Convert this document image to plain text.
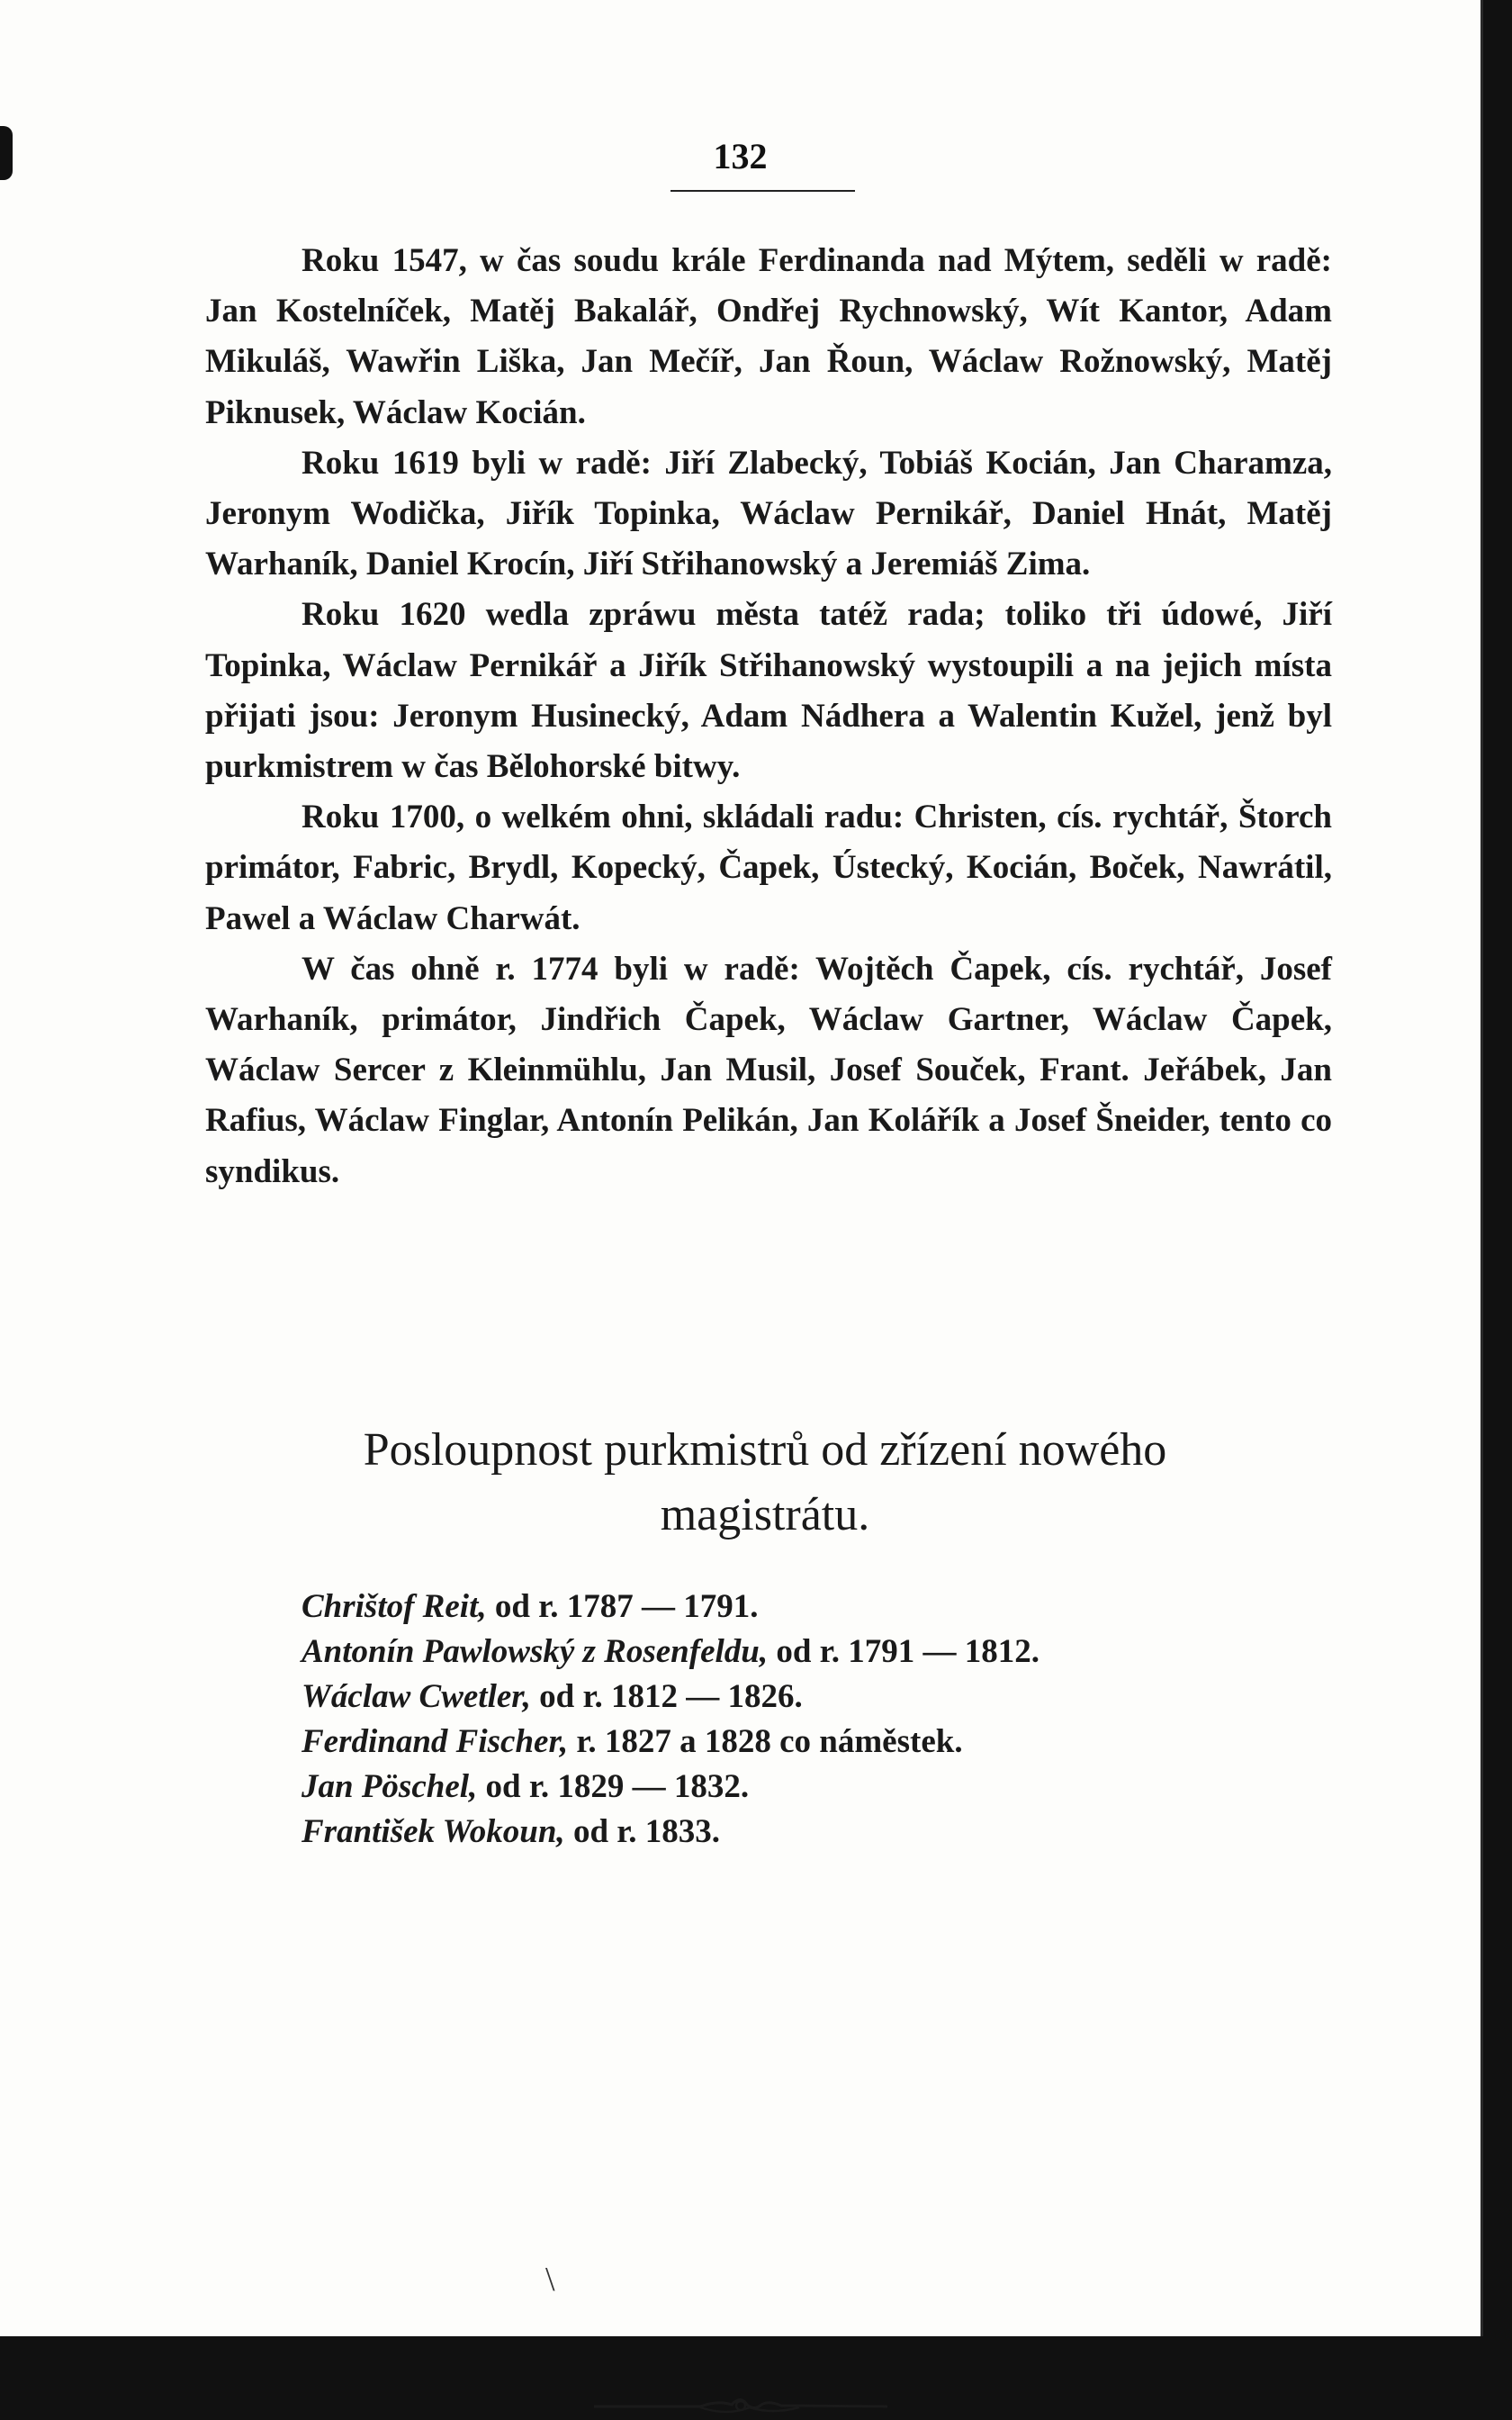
132

Roku 1547, w čas soudu krále Ferdinanda nad Mýtem, seděli w radě: Jan Kostelníček, Matěj Bakalář, Ondřej Rychnowský, Wít Kantor, Adam Mikuláš, Wawřin Liška, Jan Mečíř, Jan Řoun, Wáclaw Rožnowský, Matěj Piknusek, Wáclaw Kocián.

Roku 1619 byli w radě: Jiří Zlabecký, Tobiáš Kocián, Jan Charamza, Jeronym Wodička, Jiřík Topinka, Wáclaw Pernikář, Daniel Hnát, Matěj Warhaník, Daniel Krocín, Jiří Střihanowský a Jeremiáš Zima.

Roku 1620 wedla zpráwu města tatéž rada; toliko tři údowé, Jiří Topinka, Wáclaw Pernikář a Jiřík Střihanowský wystoupili a na jejich místa přijati jsou: Jeronym Husinecký, Adam Nádhera a Walentin Kužel, jenž byl purkmistrem w čas Bělohorské bitwy.

Roku 1700, o welkém ohni, skládali radu: Christen, cís. rychtář, Štorch primátor, Fabric, Brydl, Kopecký, Čapek, Ústecký, Kocián, Boček, Nawrátil, Pawel a Wáclaw Charwát.

W čas ohně r. 1774 byli w radě: Wojtěch Čapek, cís. rychtář, Josef Warhaník, primátor, Jindřich Čapek, Wáclaw Gartner, Wáclaw Čapek, Wáclaw Sercer z Kleinmühlu, Jan Musil, Josef Souček, Frant. Jeřábek, Jan Rafius, Wáclaw Finglar, Antonín Pelikán, Jan Kolářík a Josef Šneider, tento co syndikus.

Posloupnost purkmistrů od zřízení nowého
magistrátu.
Chrištof Reit, od r. 1787 — 1791.
Antonín Pawlowský z Rosenfeldu, od r. 1791 — 1812.
Wáclaw Cwetler, od r. 1812 — 1826.
Ferdinand Fischer, r. 1827 a 1828 co náměstek.
Jan Pöschel, od r. 1829 — 1832.
František Wokoun, od r. 1833.
\
